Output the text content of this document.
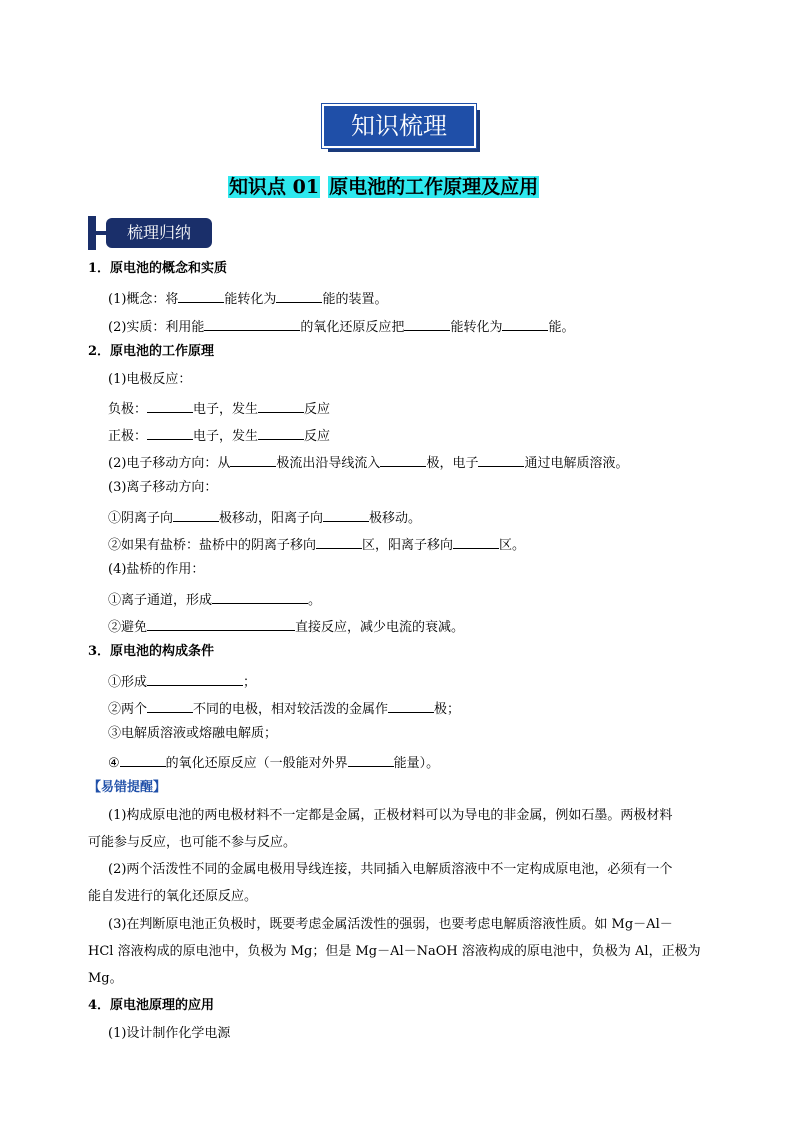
知识梳理
知识点 01 原电池的工作原理及应用
梳理归纳
1．原电池的概念和实质
(1)概念：将	能转化为	能的装置。
(2)实质：利用能	的氧化还原反应把	能转化为	能。
2．原电池的工作原理
(1)电极反应：
负极：	电子，发生	反应
正极：	电子，发生	反应
(2)电子移动方向：从	极流出沿导线流入	极，电子	通过电解质溶液。
(3)离子移动方向：
①阴离子向	极移动，阳离子向	极移动。
②如果有盐桥：盐桥中的阴离子移向	区，阳离子移向	区。
(4)盐桥的作用：
①离子通道，形成	。
②避免	直接反应，减少电流的衰减。
3．原电池的构成条件
①形成	；
②两个	不同的电极，相对较活泼的金属作	极；
③电解质溶液或熔融电解质；
④	的氧化还原反应（一般能对外界	能量）。
【易错提醒】
(1)构成原电池的两电极材料不一定都是金属，正极材料可以为导电的非金属，例如石墨。两极材料
可能参与反应，也可能不参与反应。
(2)两个活泼性不同的金属电极用导线连接，共同插入电解质溶液中不一定构成原电池，必须有一个
能自发进行的氧化还原反应。
(3)在判断原电池正负极时，既要考虑金属活泼性的强弱，也要考虑电解质溶液性质。如 Mg－Al－
HCl 溶液构成的原电池中，负极为 Mg；但是 Mg－Al－NaOH 溶液构成的原电池中，负极为 Al，正极为
Mg。
4．原电池原理的应用
(1)设计制作化学电源
